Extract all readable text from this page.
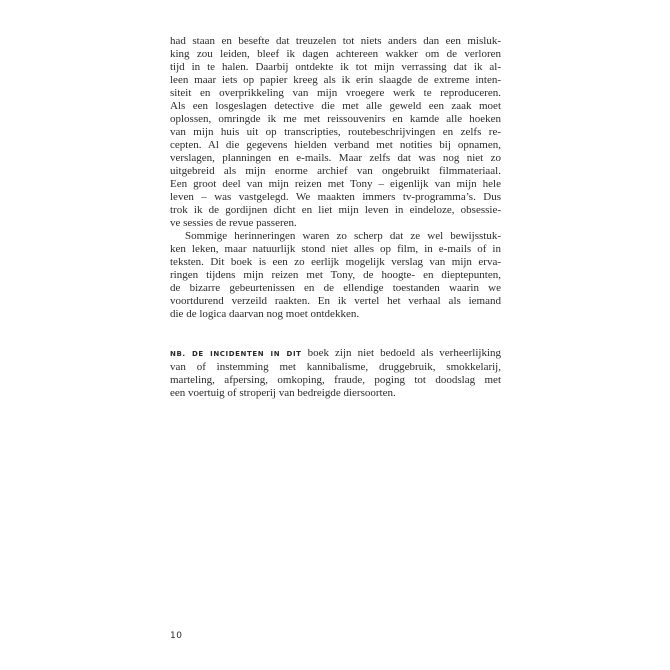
had staan en besefte dat treuzelen tot niets anders dan een misluk-
king zou leiden, bleef ik dagen achtereen wakker om de verloren
tijd in te halen. Daarbij ontdekte ik tot mijn verrassing dat ik al-
leen maar iets op papier kreeg als ik erin slaagde de extreme inten-
siteit en overprikkeling van mijn vroegere werk te reproduceren.
Als een losgeslagen detective die met alle geweld een zaak moet
oplossen, omringde ik me met reissouvenirs en kamde alle hoeken
van mijn huis uit op transcripties, routebeschrijvingen en zelfs re-
cepten. Al die gegevens hielden verband met notities bij opnamen,
verslagen, planningen en e-mails. Maar zelfs dat was nog niet zo
uitgebreid als mijn enorme archief van ongebruikt filmmateriaal.
Een groot deel van mijn reizen met Tony – eigenlijk van mijn hele
leven – was vastgelegd. We maakten immers tv-programma’s. Dus
trok ik de gordijnen dicht en liet mijn leven in eindeloze, obsessie-
ve sessies de revue passeren.

Sommige herinneringen waren zo scherp dat ze wel bewijsstuk-
ken leken, maar natuurlijk stond niet alles op film, in e-mails of in
teksten. Dit boek is een zo eerlijk mogelijk verslag van mijn erva-
ringen tijdens mijn reizen met Tony, de hoogte- en dieptepunten,
de bizarre gebeurtenissen en de ellendige toestanden waarin we
voortdurend verzeild raakten. En ik vertel het verhaal als iemand
die de logica daarvan nog moet ontdekken.

NB. DE INCIDENTEN IN DIT boek zijn niet bedoeld als verheerlijking
van of instemming met kannibalisme, druggebruik, smokkelarij,
marteling, afpersing, omkoping, fraude, poging tot doodslag met
een voertuig of stroperij van bedreigde diersoorten.

10
